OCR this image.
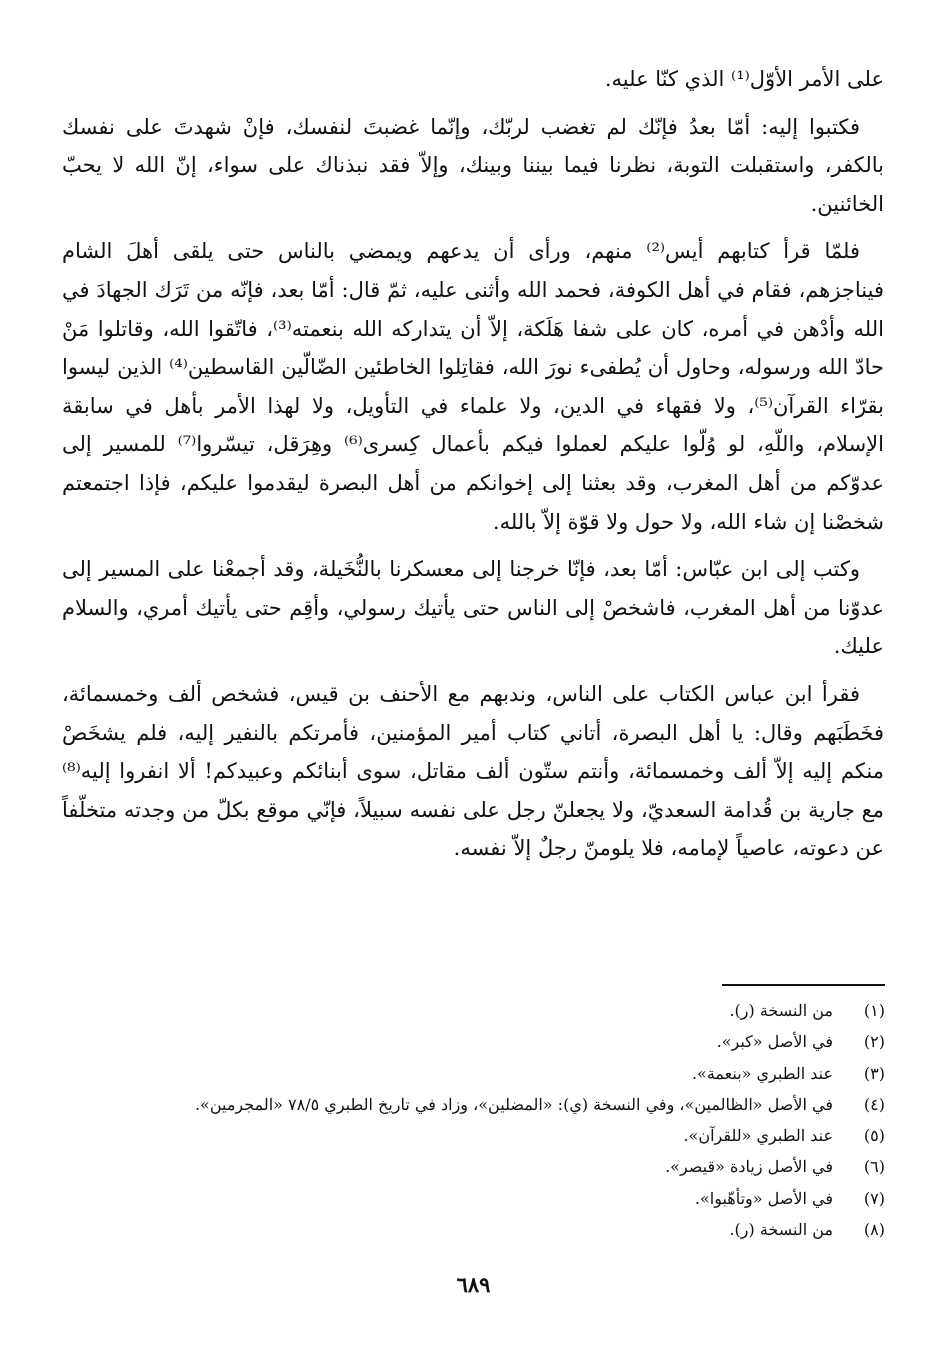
على الأمر الأوّل⁽¹⁾ الذي كنّا عليه.

فكتبوا إليه: أمّا بعدُ فإنّك لم تغضب لربّك، وإنّما غضبتَ لنفسك، فإنْ شهدتَ على نفسك بالكفر، واستقبلت التوبة، نظرنا فيما بيننا وبينك، وإلاّ فقد نبذناك على سواء، إنّ الله لا يحبّ الخائنين.

فلمّا قرأ كتابهم أيس⁽²⁾ منهم، ورأى أن يدعهم ويمضي بالناس حتى يلقى أهلَ الشام فيناجزهم، فقام في أهل الكوفة، فحمد الله وأثنى عليه، ثمّ قال: أمّا بعد، فإنّه من تَرَك الجهادَ في الله وأدْهن في أمره، كان على شفا هَلَكة، إلاّ أن يتداركه الله بنعمته⁽³⁾، فاتّقوا الله، وقاتلوا مَنْ حادّ الله ورسوله، وحاول أن يُطفىء نورَ الله، فقاتِلوا الخاطئين الضّالّين القاسطين⁽⁴⁾ الذين ليسوا بقرّاء القرآن⁽⁵⁾، ولا فقهاء في الدين، ولا علماء في التأويل، ولا لهذا الأمر بأهل في سابقة الإسلام، واللّهِ، لو وُلّوا عليكم لعملوا فيكم بأعمال كِسرى⁽⁶⁾ وهِرَقل، تيسّروا⁽⁷⁾ للمسير إلى عدوّكم من أهل المغرب، وقد بعثنا إلى إخوانكم من أهل البصرة ليقدموا عليكم، فإذا اجتمعتم شخصْنا إن شاء الله، ولا حول ولا قوّة إلاّ بالله.

وكتب إلى ابن عبّاس: أمّا بعد، فإنّا خرجنا إلى معسكرنا بالنُّخَيلة، وقد أجمعْنا على المسير إلى عدوّنا من أهل المغرب، فاشخصْ إلى الناس حتى يأتيك رسولي، وأقِم حتى يأتيك أمري، والسلام عليك.

فقرأ ابن عباس الكتاب على الناس، وندبهم مع الأحنف بن قيس، فشخص ألف وخمسمائة، فخَطَبَهم وقال: يا أهل البصرة، أتاني كتاب أمير المؤمنين، فأمرتكم بالنفير إليه، فلم يشخَصْ منكم إليه إلاّ ألف وخمسمائة، وأنتم ستّون ألف مقاتل، سوى أبنائكم وعبيدكم! ألا انفروا إليه⁽⁸⁾ مع جارية بن قُدامة السعديّ، ولا يجعلنّ رجل على نفسه سبيلاً، فإنّي موقع بكلّ من وجدته متخلّفاً عن دعوته، عاصياً لإمامه، فلا يلومنّ رجلٌ إلاّ نفسه.

(١)
من النسخة (ر).
(٢)
في الأصل «كبر».
(٣)
عند الطبري «بنعمة».
(٤)
في الأصل «الظالمين»، وفي النسخة (ي): «المضلين»، وزاد في تاريخ الطبري ٧٨/٥ «المجرمين».
(٥)
عند الطبري «للقرآن».
(٦)
في الأصل زيادة «قيصر».
(٧)
في الأصل «وتأهّبوا».
(٨)
من النسخة (ر).
٦٨٩
